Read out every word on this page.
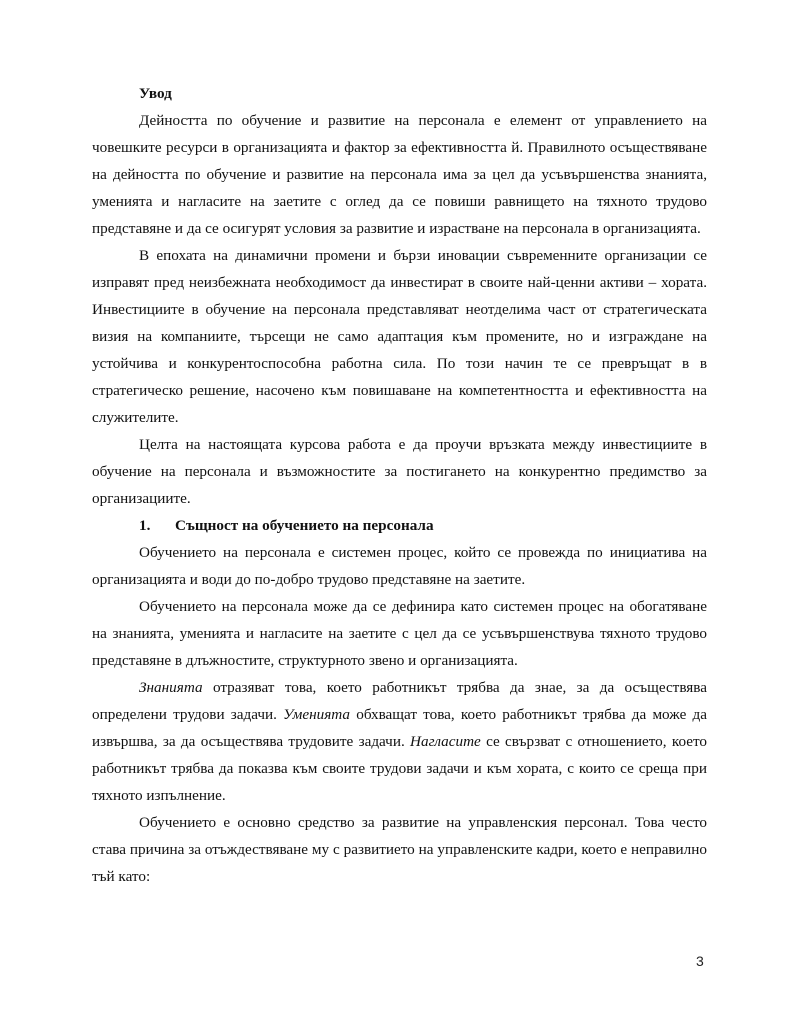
Увод

Дейността по обучение и развитие на персонала е елемент от управлението на човешките ресурси в организацията и фактор за ефективността й. Правилното осъществяване на дейността по обучение и развитие на персонала има за цел да усъвършенства знанията, уменията и нагласите на заетите с оглед да се повиши равнището на тяхното трудово представяне и да се осигурят условия за развитие и израстване на персонала в организацията.

В епохата на динамични промени и бързи иновации съвременните организации се изправят пред неизбежната необходимост да инвестират в своите най-ценни активи – хората. Инвестициите в обучение на персонала представляват неотделима част от стратегическата визия на компаниите, търсещи не само адаптация към промените, но и изграждане на устойчива и конкурентоспособна работна сила. По този начин те се превръщат в в стратегическо решение, насочено към повишаване на компетентността и ефективността на служителите.

Целта на настоящата курсова работа е да проучи връзката между инвестициите в обучение на персонала и възможностите за постигането на конкурентно предимство за организациите.

1. Същност на обучението на персонала

Обучението на персонала е системен процес, който се провежда по инициатива на организацията и води до по-добро трудово представяне на заетите.

Обучението на персонала може да се дефинира като системен процес на обогатяване на знанията, уменията и нагласите на заетите с цел да се усъвършенствува тяхното трудово представяне в длъжностите, структурното звено и организацията.

Знанията отразяват това, което работникът трябва да знае, за да осъществява определени трудови задачи. Уменията обхващат това, което работникът трябва да може да извършва, за да осъществява трудовите задачи. Нагласите се свързват с отношението, което работникът трябва да показва към своите трудови задачи и към хората, с които се среща при тяхното изпълнение.

Обучението е основно средство за развитие на управленския персонал. Това често става причина за отъждествяване му с развитието на управленските кадри, което е неправилно тъй като:

3
